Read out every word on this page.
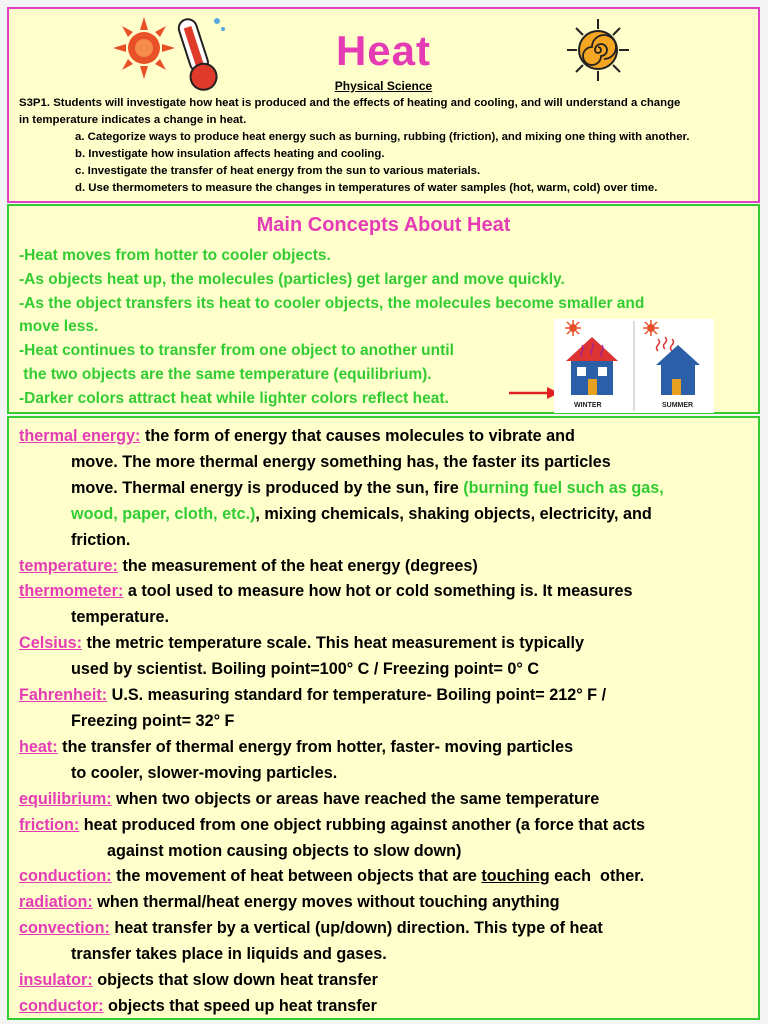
Heat
Physical Science
S3P1. Students will investigate how heat is produced and the effects of heating and cooling, and will understand a change
in temperature indicates a change in heat.
a. Categorize ways to produce heat energy such as burning, rubbing (friction), and mixing one thing with another.
b. Investigate how insulation affects heating and cooling.
c. Investigate the transfer of heat energy from the sun to various materials.
d. Use thermometers to measure the changes in temperatures of water samples (hot, warm, cold) over time.
Main Concepts About Heat
-Heat moves from hotter to cooler objects.
-As objects heat up, the molecules (particles) get larger and move quickly.
-As the object transfers its heat to cooler objects, the molecules become smaller and
move less.
-Heat continues to transfer from one object to another until
the two objects are the same temperature (equilibrium).
-Darker colors attract heat while lighter colors reflect heat.	WINTER	SUMMER
thermal energy: the form of energy that causes molecules to vibrate and
move. The more thermal energy something has, the faster its particles
move. Thermal energy is produced by the sun, fire (burning fuel such as gas,
wood, paper, cloth, etc.), mixing chemicals, shaking objects, electricity, and
friction.
temperature: the measurement of the heat energy (degrees)
thermometer: a tool used to measure how hot or cold something is. It measures
temperature.
Celsius: the metric temperature scale. This heat measurement is typically
used by scientist. Boiling point=100° C / Freezing point= 0° C
Fahrenheit: U.S. measuring standard for temperature- Boiling point= 212° F /
Freezing point= 32° F
heat: the transfer of thermal energy from hotter, faster- moving particles
to cooler, slower-moving particles.
equilibrium: when two objects or areas have reached the same temperature
friction: heat produced from one object rubbing against another (a force that acts
against motion causing objects to slow down)
conduction: the movement of heat between objects that are touching each  other.
radiation: when thermal/heat energy moves without touching anything
convection: heat transfer by a vertical (up/down) direction. This type of heat
transfer takes place in liquids and gases.
insulator: objects that slow down heat transfer
conductor: objects that speed up heat transfer
